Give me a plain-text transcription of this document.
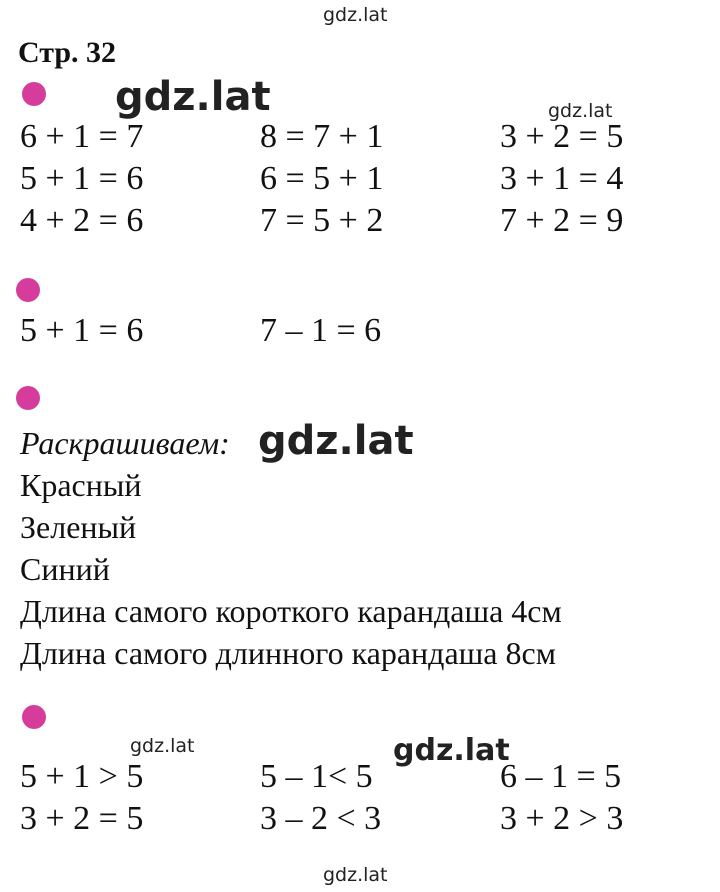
gdz.lat
gdz.lat	gdz.lat
gdz.lat
gdz.lat	gdz.lat
gdz.lat
Стр. 32
6 + 1 = 7	8 = 7 + 1	3 + 2 = 5
5 + 1 = 6	6 = 5 + 1	3 + 1 = 4
4 + 2 = 6	7 = 5 + 2	7 + 2 = 9
5 + 1 = 6	7 – 1 = 6
Раскрашиваем:
Красный
Зеленый
Синий
Длина самого короткого карандаша 4см
Длина самого длинного карандаша 8см
5 + 1 > 5	5 – 1< 5	6 – 1 = 5
3 + 2 = 5	3 – 2 < 3	3 + 2 > 3
